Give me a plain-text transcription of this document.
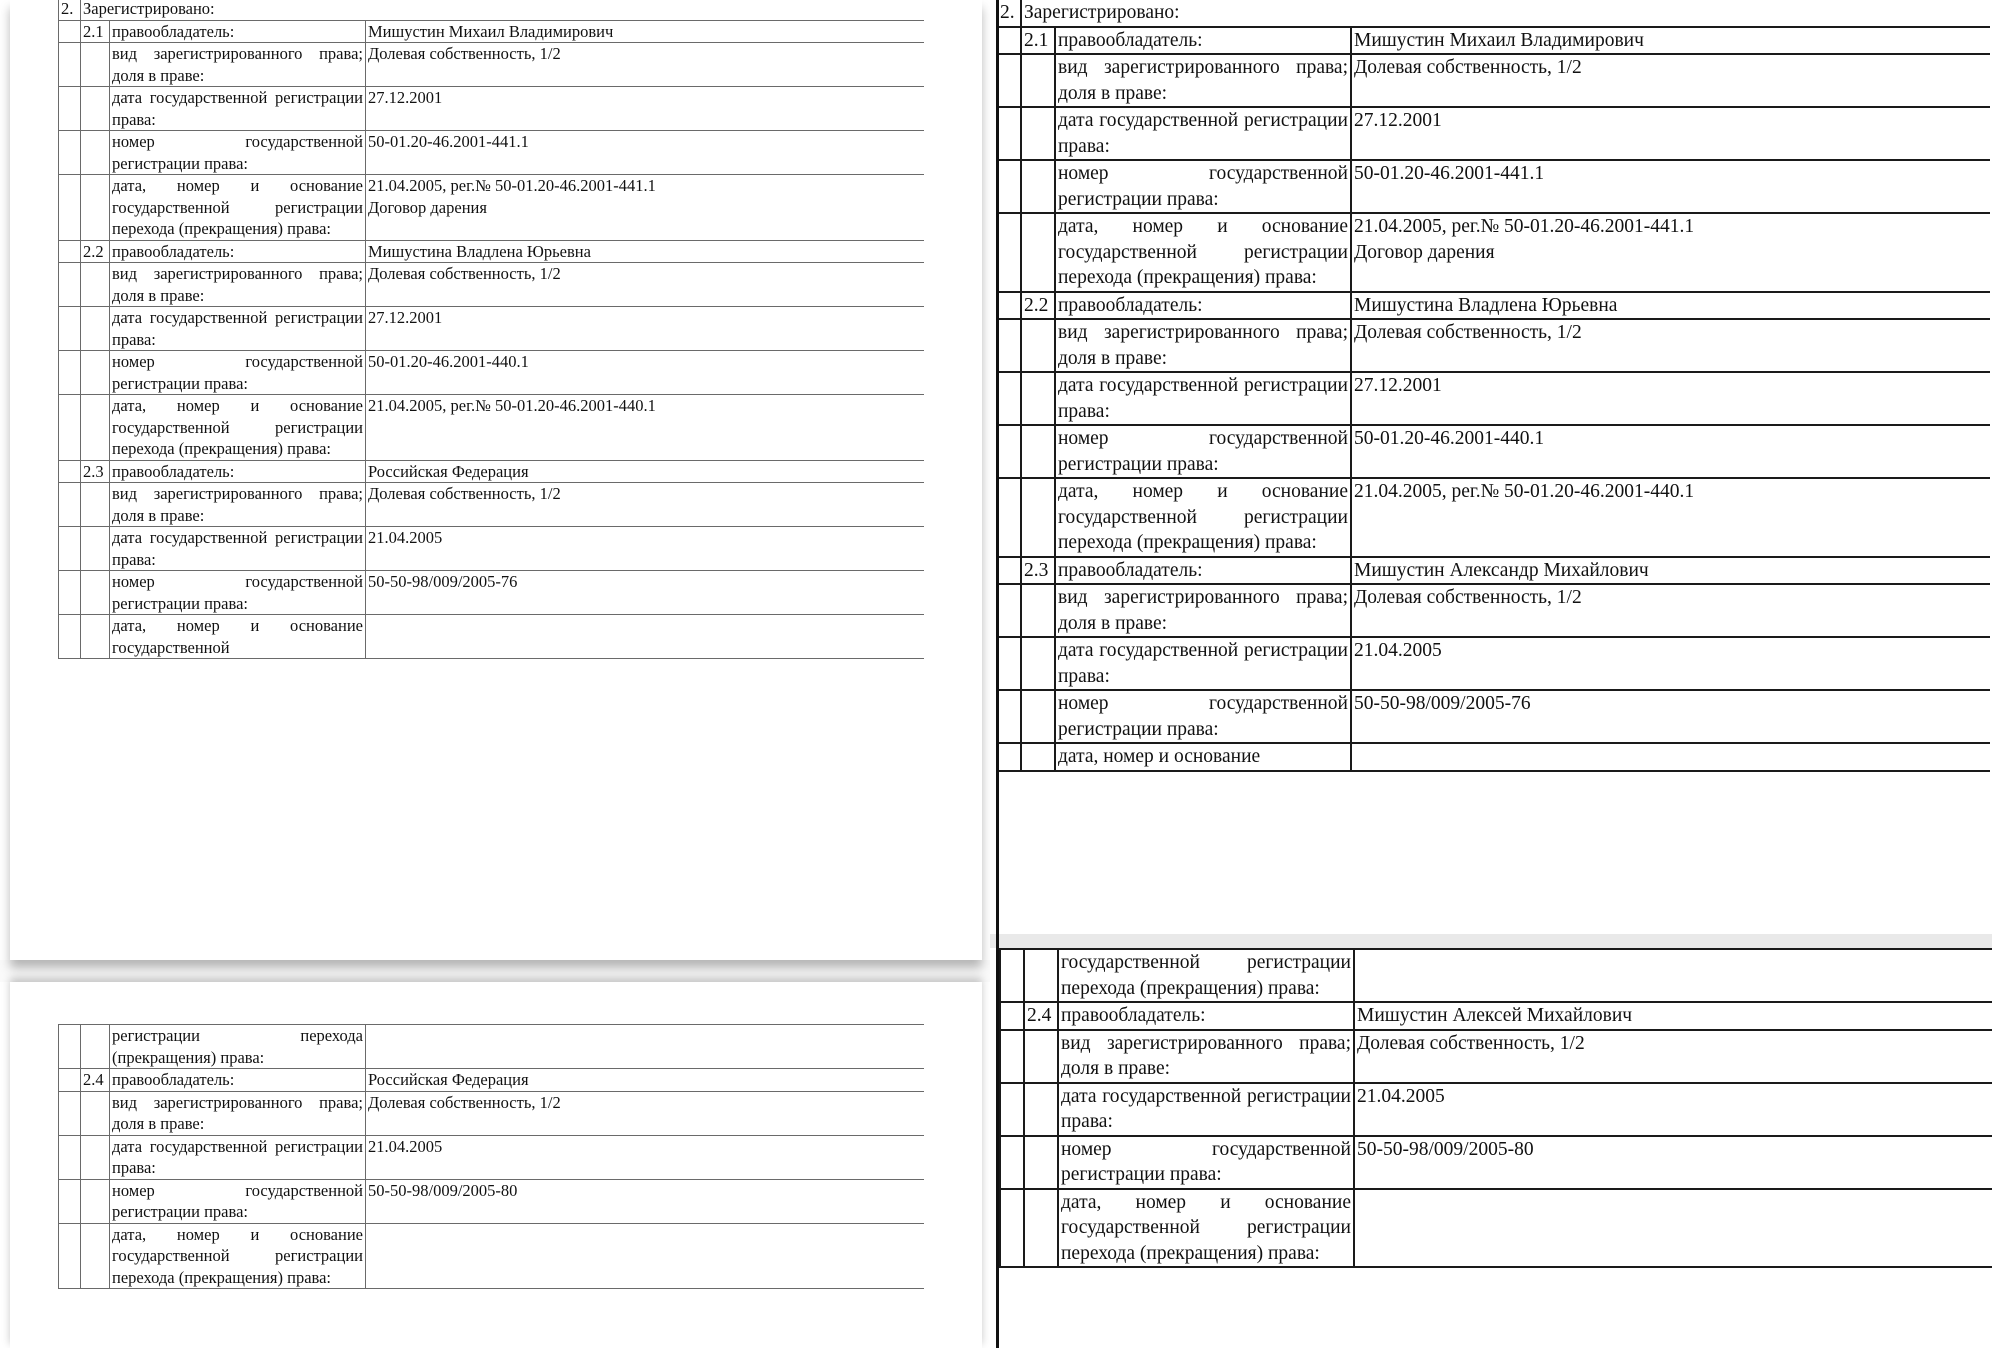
2.	Зарегистрировано:		
	2.1	правообладатель:	Мишустин Михаил Владимирович
		вид зарегистрированного права; доля в праве:	Долевая собственность, 1/2
		дата государственной регистрации права:	27.12.2001
		номер государственной регистрации права:	50-01.20-46.2001-441.1
		дата, номер и основание государственной регистрации перехода (прекращения) права:	21.04.2005, рег.№ 50-01.20-46.2001-441.1
Договор дарения
	2.2	правообладатель:	Мишустина Владлена Юрьевна
		вид зарегистрированного права; доля в праве:	Долевая собственность, 1/2
		дата государственной регистрации права:	27.12.2001
		номер государственной регистрации права:	50-01.20-46.2001-440.1
		дата, номер и основание государственной регистрации перехода (прекращения) права:	21.04.2005, рег.№ 50-01.20-46.2001-440.1
	2.3	правообладатель:	Российская Федерация
		вид зарегистрированного права; доля в праве:	Долевая собственность, 1/2
		дата государственной регистрации права:	21.04.2005
		номер государственной регистрации права:	50-50-98/009/2005-76
		дата, номер и основание государственной	
		регистрации перехода (прекращения) права:	
	2.4	правообладатель:	Российская Федерация
		вид зарегистрированного права; доля в праве:	Долевая собственность, 1/2
		дата государственной регистрации права:	21.04.2005
		номер государственной регистрации права:	50-50-98/009/2005-80
		дата, номер и основание государственной регистрации перехода (прекращения) права:	
2.	Зарегистрировано:		
	2.1	правообладатель:	Мишустин Михаил Владимирович
		вид зарегистрированного права; доля в праве:	Долевая собственность, 1/2
		дата государственной регистрации права:	27.12.2001
		номер государственной регистрации права:	50-01.20-46.2001-441.1
		дата, номер и основание государственной регистрации перехода (прекращения) права:	21.04.2005, рег.№ 50-01.20-46.2001-441.1
Договор дарения
	2.2	правообладатель:	Мишустина Владлена Юрьевна
		вид зарегистрированного права; доля в праве:	Долевая собственность, 1/2
		дата государственной регистрации права:	27.12.2001
		номер государственной регистрации права:	50-01.20-46.2001-440.1
		дата, номер и основание государственной регистрации перехода (прекращения) права:	21.04.2005, рег.№ 50-01.20-46.2001-440.1
	2.3	правообладатель:	Мишустин Александр Михайлович
		вид зарегистрированного права; доля в праве:	Долевая собственность, 1/2
		дата государственной регистрации права:	21.04.2005
		номер государственной регистрации права:	50-50-98/009/2005-76
		дата, номер и основание	
		государственной регистрации перехода (прекращения) права:	
	2.4	правообладатель:	Мишустин Алексей Михайлович
		вид зарегистрированного права; доля в праве:	Долевая собственность, 1/2
		дата государственной регистрации права:	21.04.2005
		номер государственной регистрации права:	50-50-98/009/2005-80
		дата, номер и основание государственной регистрации перехода (прекращения) права:	
